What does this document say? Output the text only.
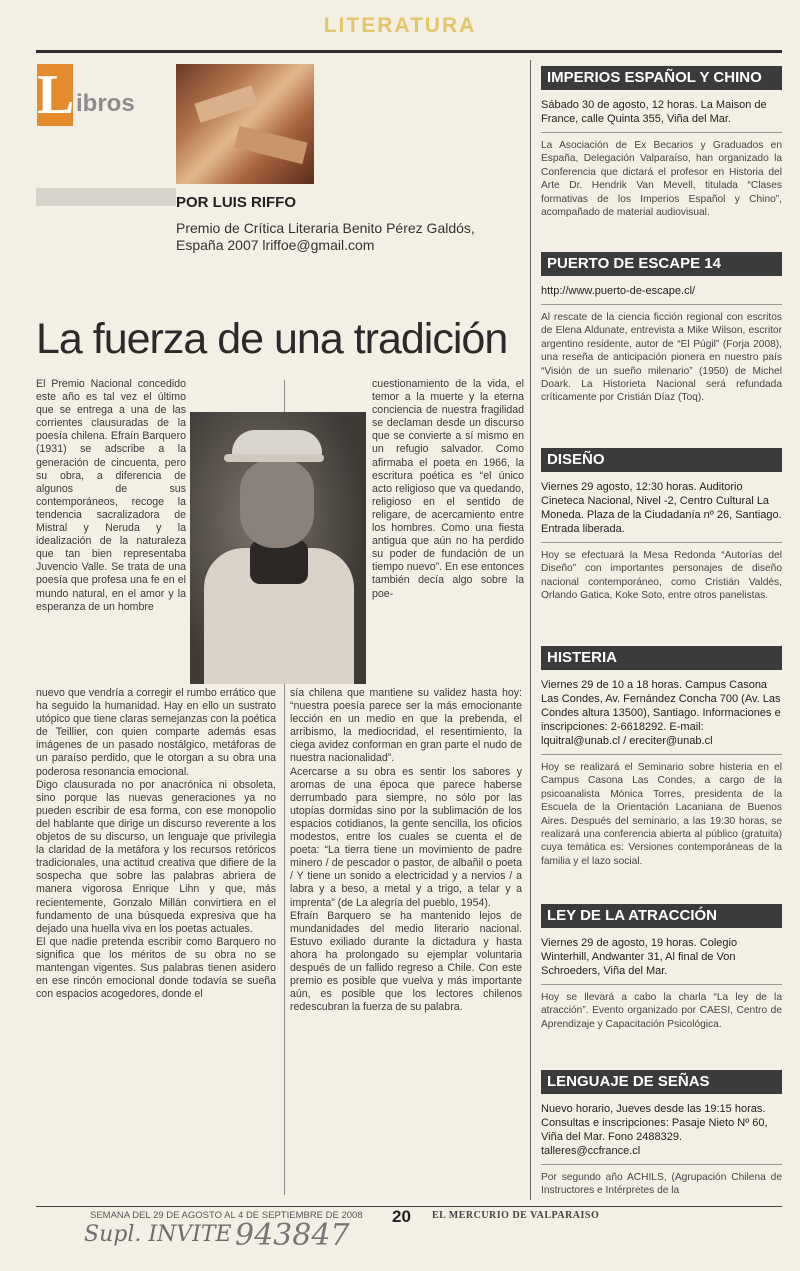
LITERATURA
L ibros
POR LUIS RIFFO
Premio de Crítica Literaria Benito Pérez Galdós,
España 2007 lriffoe@gmail.com
La fuerza de una tradición

El Premio Nacional concedido este año es tal vez el último que se entrega a una de las corrientes clausuradas de la poesía chilena. Efraín Barquero (1931) se adscribe a la generación de cincuenta, pero su obra, a diferencia de algunos de sus contemporáneos, recoge la tendencia sacralizadora de Mistral y Neruda y la idealización de la naturaleza que tan bien representaba Juvencio Valle. Se trata de una poesía que profesa una fe en el mundo natural, en el amor y la esperanza de un hombre

nuevo que vendría a corregir el rumbo errático que ha seguido la humanidad. Hay en ello un sustrato utópico que tiene claras semejanzas con la poética de Teillier, con quien comparte además esas imágenes de un pasado nostálgico, metáforas de un paraíso perdido, que le otorgan a su obra una poderosa resonancia emocional.
Digo clausurada no por anacrónica ni obsoleta, sino porque las nuevas generaciones ya no pueden escribir de esa forma, con ese monopolio del hablante que dirige un discurso reverente a los objetos de su discurso, un lenguaje que privilegia la claridad de la metáfora y los recursos retóricos tradicionales, una actitud creativa que difiere de la sospecha que sobre las palabras abriera de manera vigorosa Enrique Lihn y que, más recientemente, Gonzalo Millán convirtiera en el fundamento de una búsqueda expresiva que ha dejado una huella viva en los poetas actuales.
El que nadie pretenda escribir como Barquero no significa que los méritos de su obra no se mantengan vigentes. Sus palabras tienen asidero en ese rincón emocional donde todavía se sueña con espacios acogedores, donde el

cuestionamiento de la vida, el temor a la muerte y la eterna conciencia de nuestra fragilidad se declaman desde un discurso que se convierte a sí mismo en un refugio salvador. Como afirmaba el poeta en 1966, la escritura poética es “el único acto religioso que va quedando, religioso en el sentido de religare, de acercamiento entre los hombres. Como una fiesta antigua que aún no ha perdido su poder de fundación de un tiempo nuevo”. En ese entonces también decía algo sobre la poe-

sía chilena que mantiene su validez hasta hoy: “nuestra poesía parece ser la más emocionante lección en un medio en que la prebenda, el arribismo, la mediocridad, el resentimiento, la ciega avidez conforman en gran parte el nudo de nuestra nacionalidad”.
Acercarse a su obra es sentir los sabores y aromas de una época que parece haberse derrumbado para siempre, no sólo por las utopías dormidas sino por la sublimación de los espacios cotidianos, la gente sencilla, los oficios modestos, entre los cuales se cuenta el de poeta: “La tierra tiene un movimiento de padre minero / de pescador o pastor, de albañil o poeta / Y tiene un sonido a electricidad y a nervios / a labra y a beso, a metal y a trigo, a telar y a imprenta” (de La alegría del pueblo, 1954).
Efraín Barquero se ha mantenido lejos de mundanidades del medio literario nacional. Estuvo exiliado durante la dictadura y hasta ahora ha prolongado su ejemplar voluntaria después de un fallido regreso a Chile. Con este premio es posible que vuelva y más importante aún, es posible que los lectores chilenos redescubran la fuerza de su palabra.

IMPERIOS ESPAÑOL Y CHINO
Sábado 30 de agosto, 12 horas. La Maison de France, calle Quinta 355, Viña del Mar.
La Asociación de Ex Becarios y Graduados en España, Delegación Valparaíso, han organizado la Conferencia que dictará el profesor en Historia del Arte Dr. Hendrik Van Mevell, titulada “Clases formativas de los Imperios Español y Chino”, acompañado de material audiovisual.
PUERTO DE ESCAPE 14
http://www.puerto-de-escape.cl/
Al rescate de la ciencia ficción regional con escritos de Elena Aldunate, entrevista a Mike Wilson, escritor argentino residente, autor de “El Púgil” (Forja 2008), una reseña de anticipación pionera en nuestro país “Visión de un sueño milenario” (1950) de Michel Doark. La Historieta Nacional será refundada críticamente por Cristián Díaz (Toq).
DISEÑO
Viernes 29 agosto, 12:30 horas. Auditorio Cineteca Nacional, Nivel -2, Centro Cultural La Moneda. Plaza de la Ciudadanía nº 26, Santiago. Entrada liberada.
Hoy se efectuará la Mesa Redonda “Autorías del Diseño” con importantes personajes de diseño nacional contemporáneo, como Cristián Valdés, Orlando Gatica, Koke Soto, entre otros panelistas.
HISTERIA
Viernes 29 de 10 a 18 horas. Campus Casona Las Condes, Av. Fernández Concha 700 (Av. Las Condes altura 13500), Santiago. Informaciones e inscripciones: 2-6618292. E-mail: lquitral@unab.cl / ereciter@unab.cl
Hoy se realizará el Seminario sobre histeria en el Campus Casona Las Condes, a cargo de la psicoanalista Mónica Torres, presidenta de la Escuela de la Orientación Lacaniana de Buenos Aires. Después del seminario, a las 19:30 horas, se realizará una conferencia abierta al público (gratuita) cuya temática es: Versiones contemporáneas de la familia y el lazo social.
LEY DE LA ATRACCIÓN
Viernes 29 de agosto, 19 horas. Colegio Winterhill, Andwanter 31, Al final de Von Schroeders, Viña del Mar.
Hoy se llevará a cabo la charla “La ley de la atracción”. Evento organizado por CAESI, Centro de Aprendizaje y Capacitación Psicológica.
LENGUAJE DE SEÑAS
Nuevo horario, Jueves desde las 19:15 horas. Consultas e inscripciones: Pasaje Nieto Nº 60, Viña del Mar. Fono 2488329. talleres@ccfrance.cl
Por segundo año ACHILS, (Agrupación Chilena de Instructores e Intérpretes de la
SEMANA DEL 29 DE AGOSTO AL 4 DE SEPTIEMBRE DE 2008 20 EL MERCURIO DE VALPARAISO
Supl. INVITE 943847
